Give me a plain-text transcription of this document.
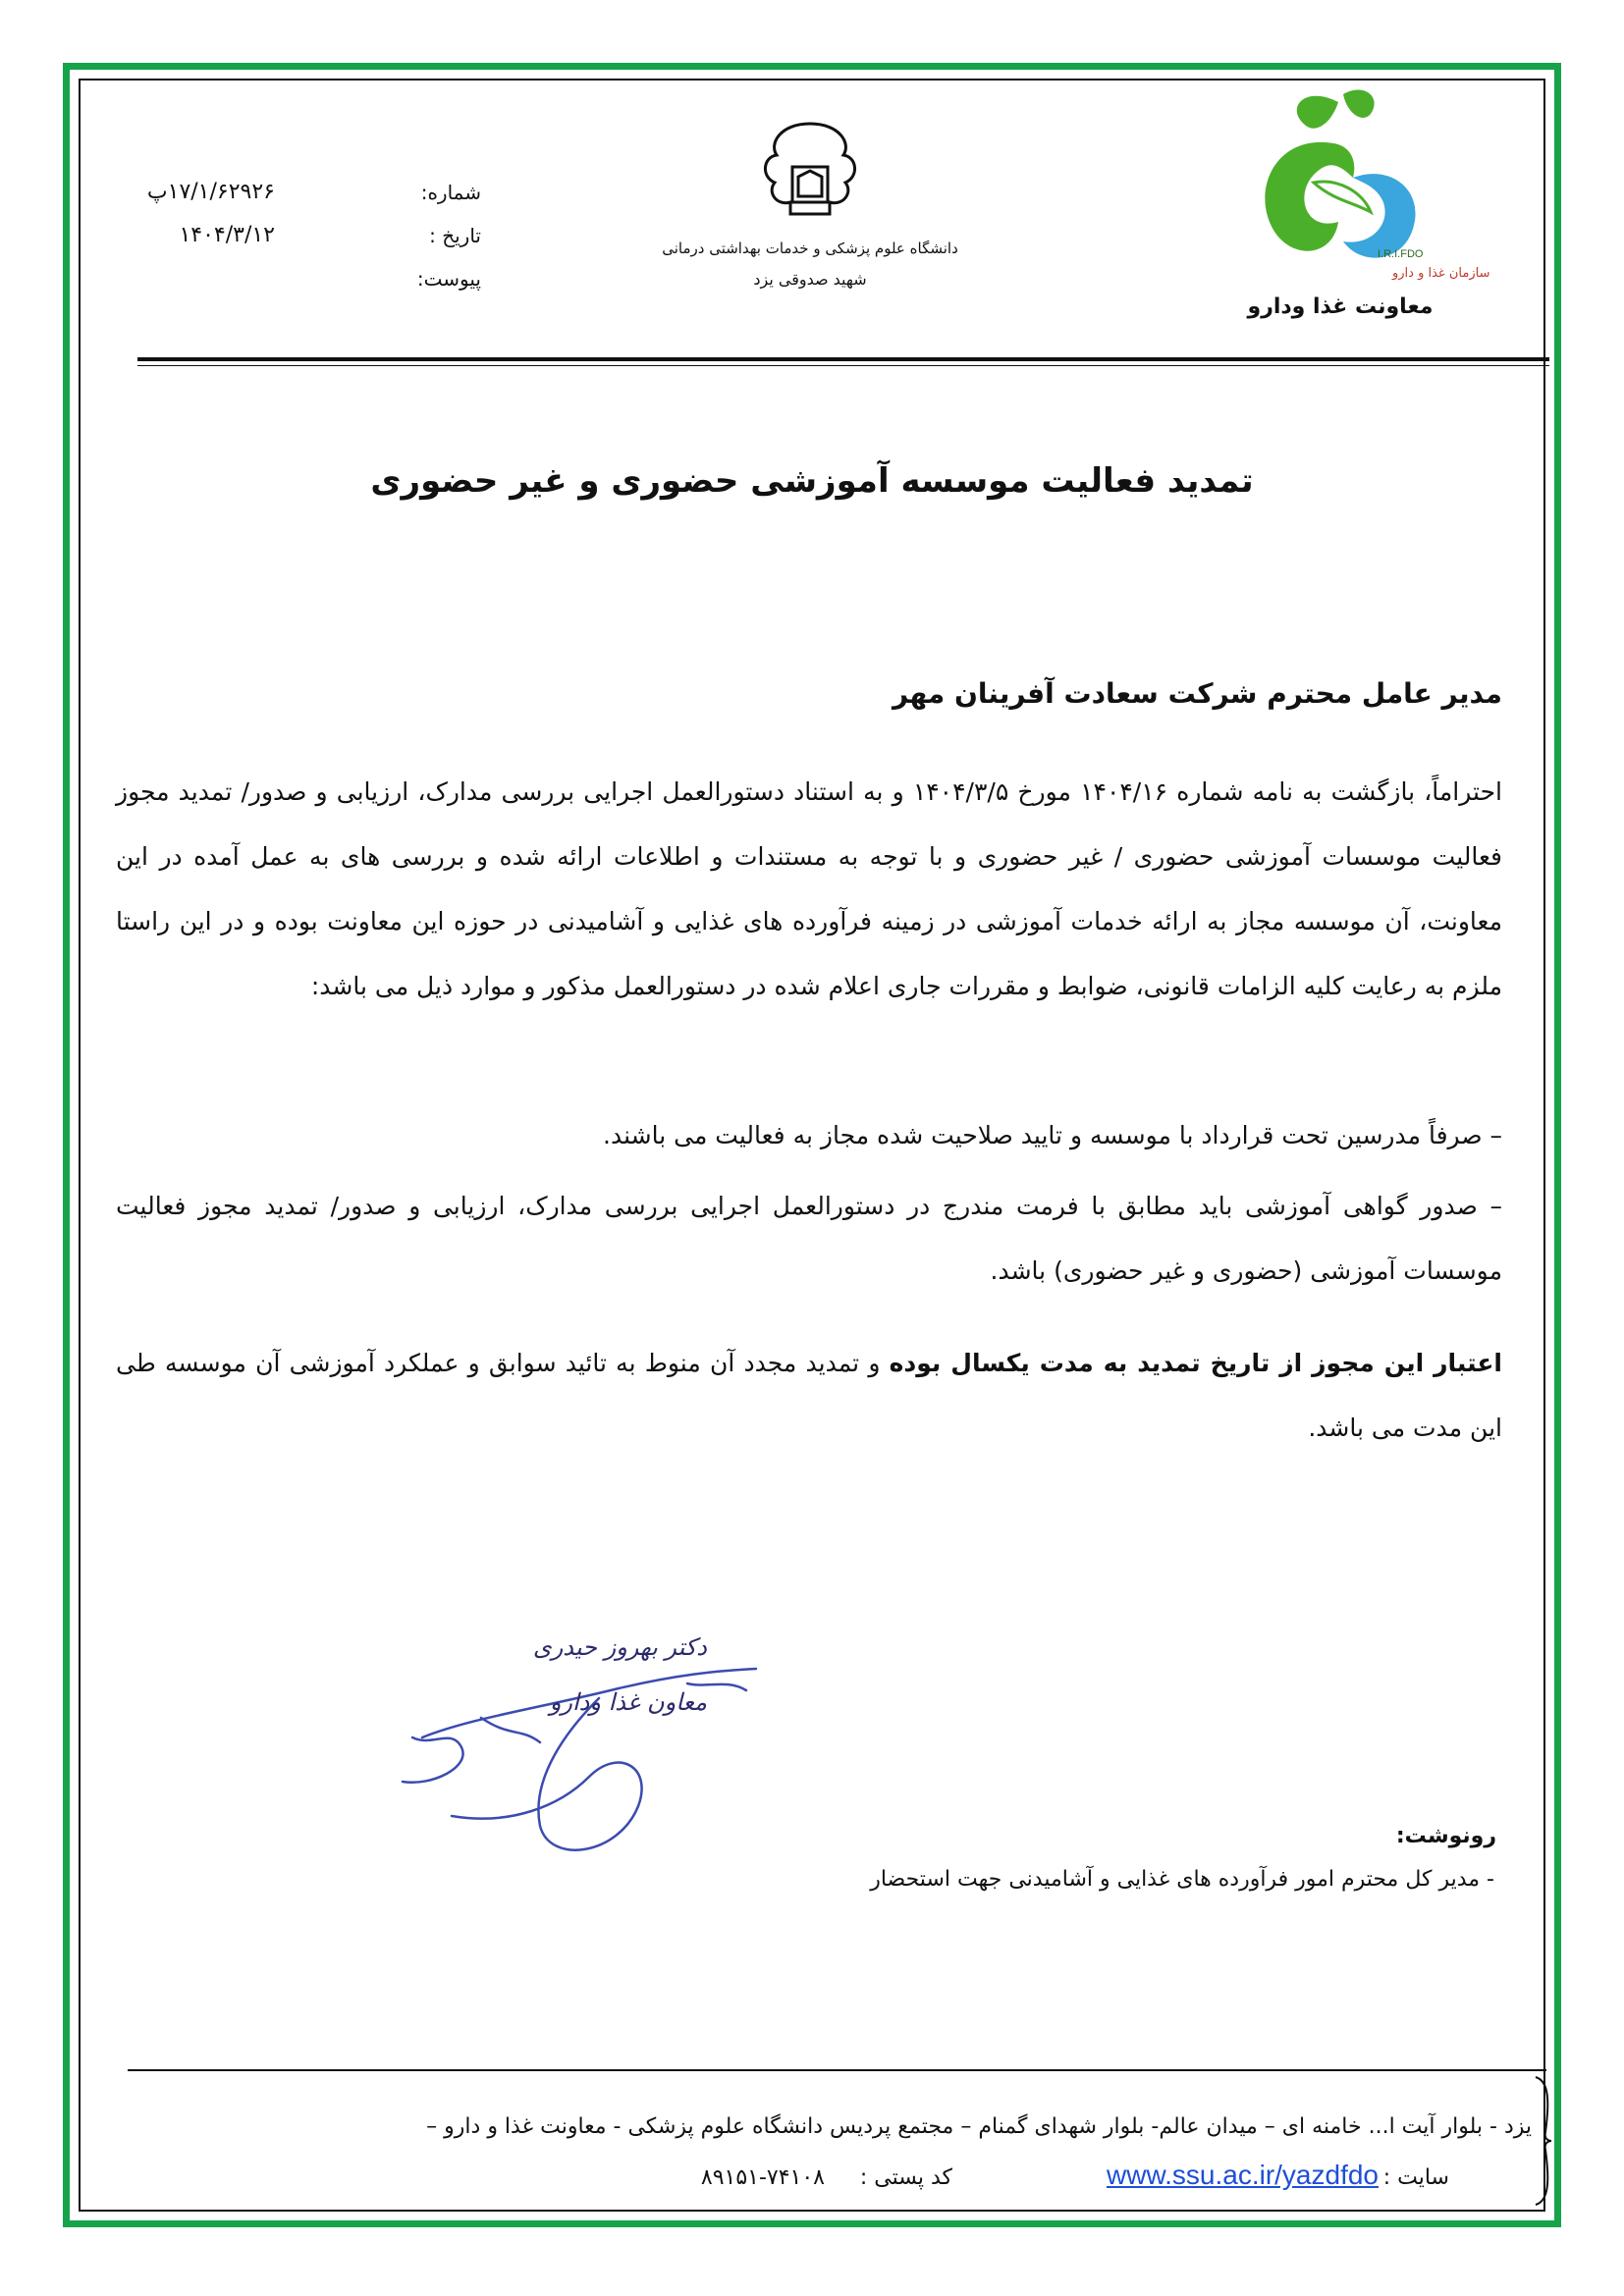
I.R.I.FDO
سازمان غذا و دارو
معاونت غذا ودارو
دانشگاه علوم پزشکی و خدمات بهداشتی درمانی
شهید صدوقی یزد
شماره:
تاریخ :
پیوست:
۱۷/۱/۶۲۹۲۶پ
۱۴۰۴/۳/۱۲
تمدید فعالیت موسسه آموزشی حضوری و غیر حضوری
مدیر عامل محترم شرکت سعادت آفرینان مهر
احتراماً، بازگشت به نامه شماره ۱۴۰۴/۱۶ مورخ ۱۴۰۴/۳/۵ و به استناد دستورالعمل اجرایی بررسی مدارک، ارزیابی و صدور/ تمدید مجوز فعالیت موسسات آموزشی حضوری / غیر حضوری و با توجه به مستندات و اطلاعات ارائه شده و بررسی های به عمل آمده در این معاونت، آن موسسه مجاز به ارائه خدمات آموزشی در زمینه فرآورده های غذایی و آشامیدنی در حوزه این معاونت بوده و در این راستا ملزم به رعایت کلیه الزامات قانونی، ضوابط و مقررات جاری اعلام شده در دستورالعمل مذکور و موارد ذیل می باشد:
– صرفاً مدرسین تحت قرارداد با موسسه و تایید صلاحیت شده مجاز به فعالیت می باشند.
– صدور گواهی آموزشی باید مطابق با فرمت مندرج در دستورالعمل اجرایی بررسی مدارک، ارزیابی و صدور/ تمدید مجوز فعالیت موسسات آموزشی (حضوری و غیر حضوری) باشد.
اعتبار این مجوز از تاریخ تمدید به مدت یکسال بوده و تمدید مجدد آن منوط به تائید سوابق و عملکرد آموزشی آن موسسه طی این مدت می باشد.
دکتر بهروز حیدری
معاون غذا ودارو
رونوشت:
- مدیر کل محترم امور فرآورده های غذایی و آشامیدنی جهت استحضار
یزد - بلوار آیت ا... خامنه ای – میدان عالم- بلوار شهدای گمنام – مجتمع پردیس دانشگاه علوم پزشکی - معاونت غذا و دارو –
سایت :
www.ssu.ac.ir/yazdfdo
کد پستی :
۸۹۱۵۱-۷۴۱۰۸
